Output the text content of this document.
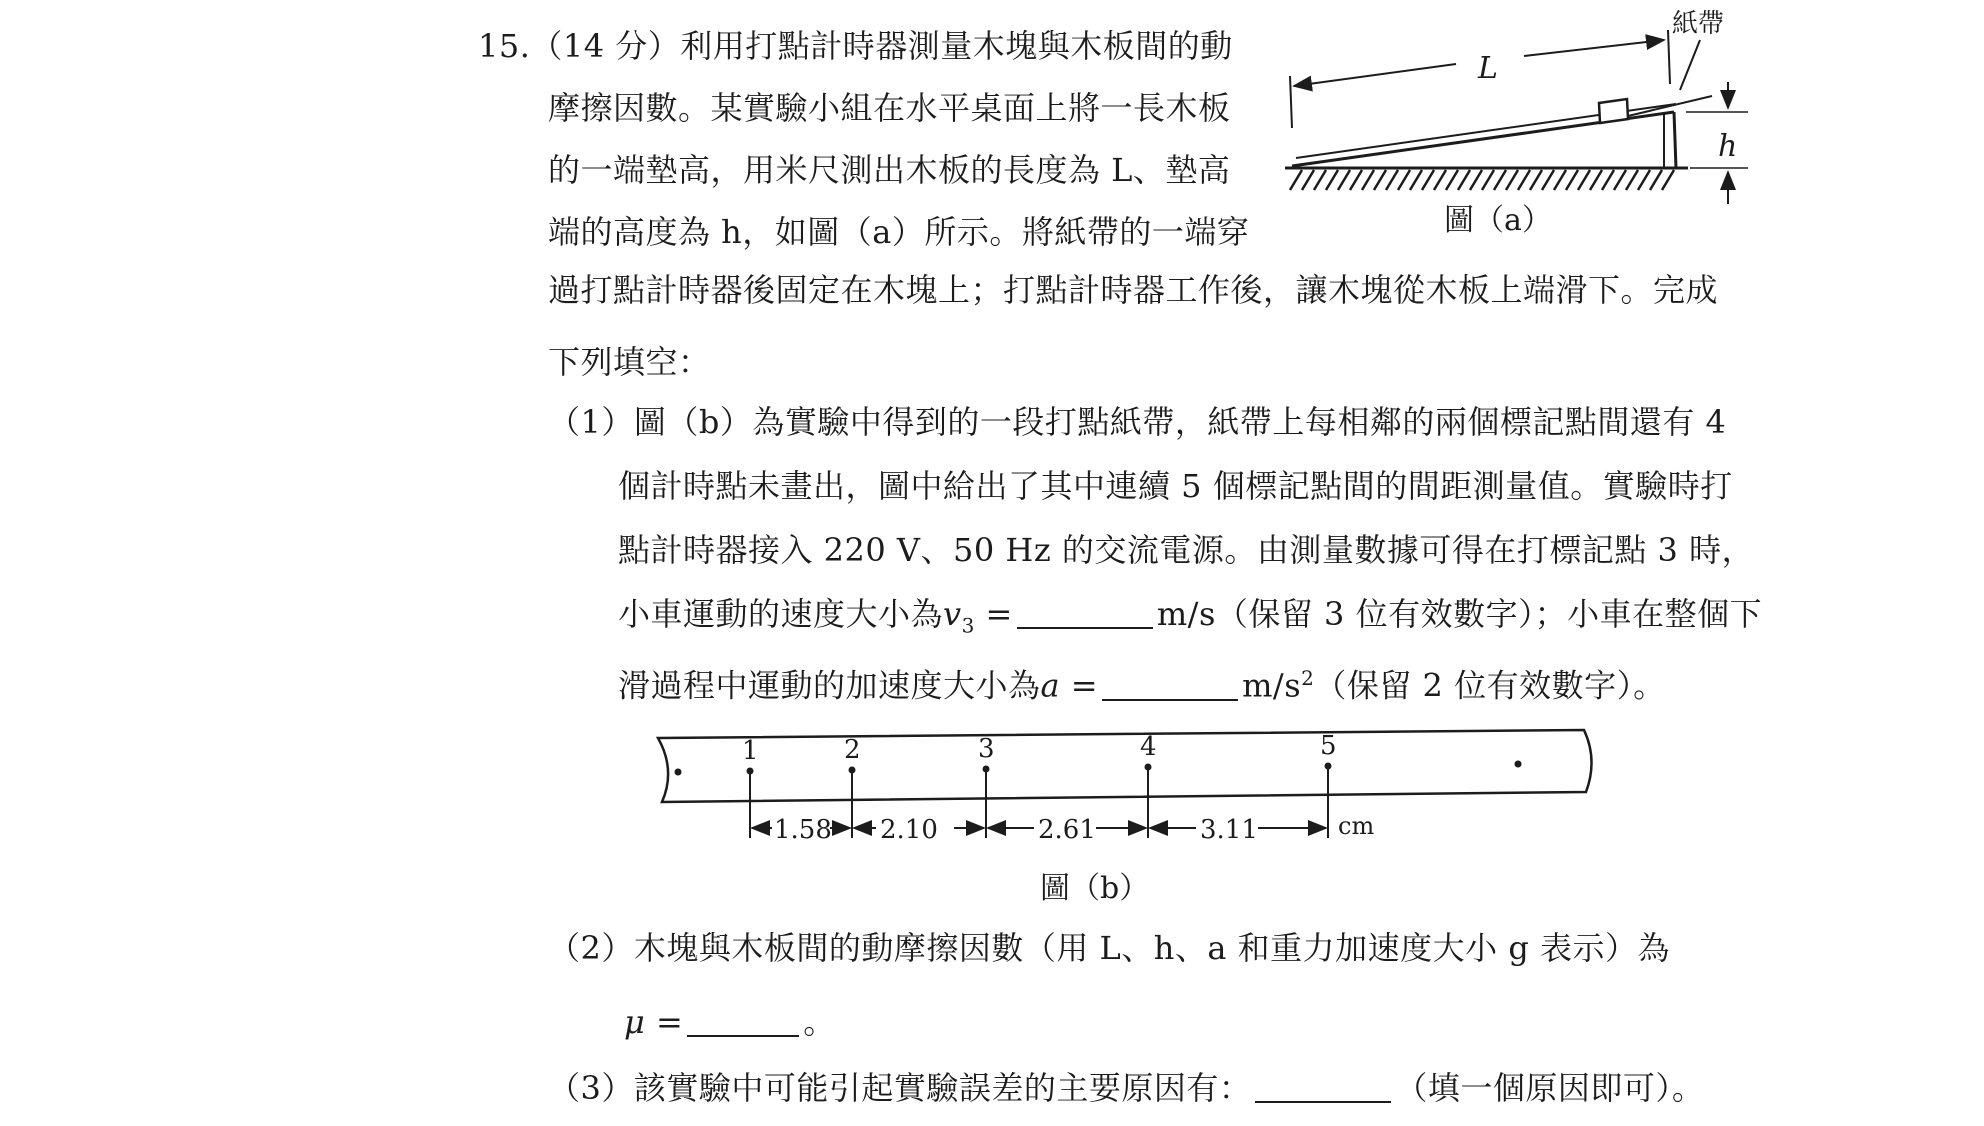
15.（14 分）利用打點計時器測量木塊與木板間的動
摩擦因數。某實驗小組在水平桌面上將一長木板
的一端墊高，用米尺測出木板的長度為 L、墊高
端的高度為 h，如圖（a）所示。將紙帶的一端穿
過打點計時器後固定在木塊上；打點計時器工作後，讓木塊從木板上端滑下。完成
下列填空：
（1）圖（b）為實驗中得到的一段打點紙帶，紙帶上每相鄰的兩個標記點間還有 4
個計時點未畫出，圖中給出了其中連續 5 個標記點間的間距測量值。實驗時打
點計時器接入 220 V、50 Hz 的交流電源。由測量數據可得在打標記點 3 時，
小車運動的速度大小為$v_3$ =	m/s（保留 3 位有效數字）；小車在整個下
滑過程中運動的加速度大小為a =	$m/s^2$（保留 2 位有效數字）。
紙帶
L
h
圖（a）
1	2	3	4	5
1.58 2.10	2.61	3.11	cm
圖（b）
（2）木塊與木板間的動摩擦因數（用 L、h、a 和重力加速度大小 g 表示）為
μ =	。
（3）該實驗中可能引起實驗誤差的主要原因有：	（填一個原因即可）。
